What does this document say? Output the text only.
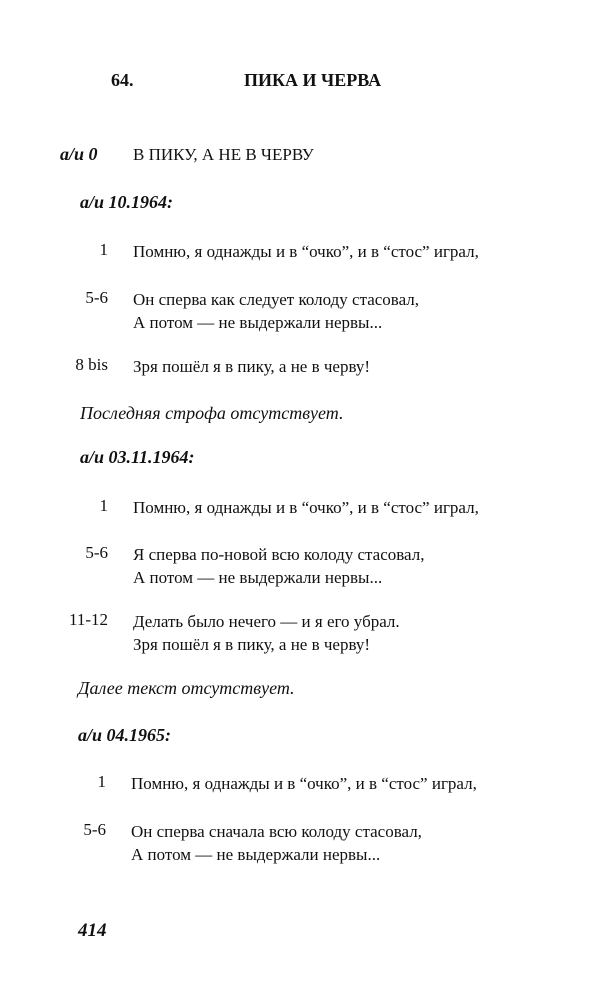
64.	ПИКА И ЧЕРВА
а/и 0 В ПИКУ, А НЕ В ЧЕРВУ
а/и 10.1964:
1 Помню, я однажды и в “очко”, и в “стос” играл,
5-6 Он сперва как следует колоду стасовал,
А потом — не выдержали нервы...
8 bis Зря пошёл я в пику, а не в черву!
Последняя строфа отсутствует.
а/и 03.11.1964:
1 Помню, я однажды и в “очко”, и в “стос” играл,
5-6 Я сперва по-новой всю колоду стасовал,
А потом — не выдержали нервы...
11-12 Делать было нечего — и я его убрал.
Зря пошёл я в пику, а не в черву!
Далее текст отсутствует.
а/и 04.1965:
1 Помню, я однажды и в “очко”, и в “стос” играл,
5-6 Он сперва сначала всю колоду стасовал,
А потом — не выдержали нервы...
414
